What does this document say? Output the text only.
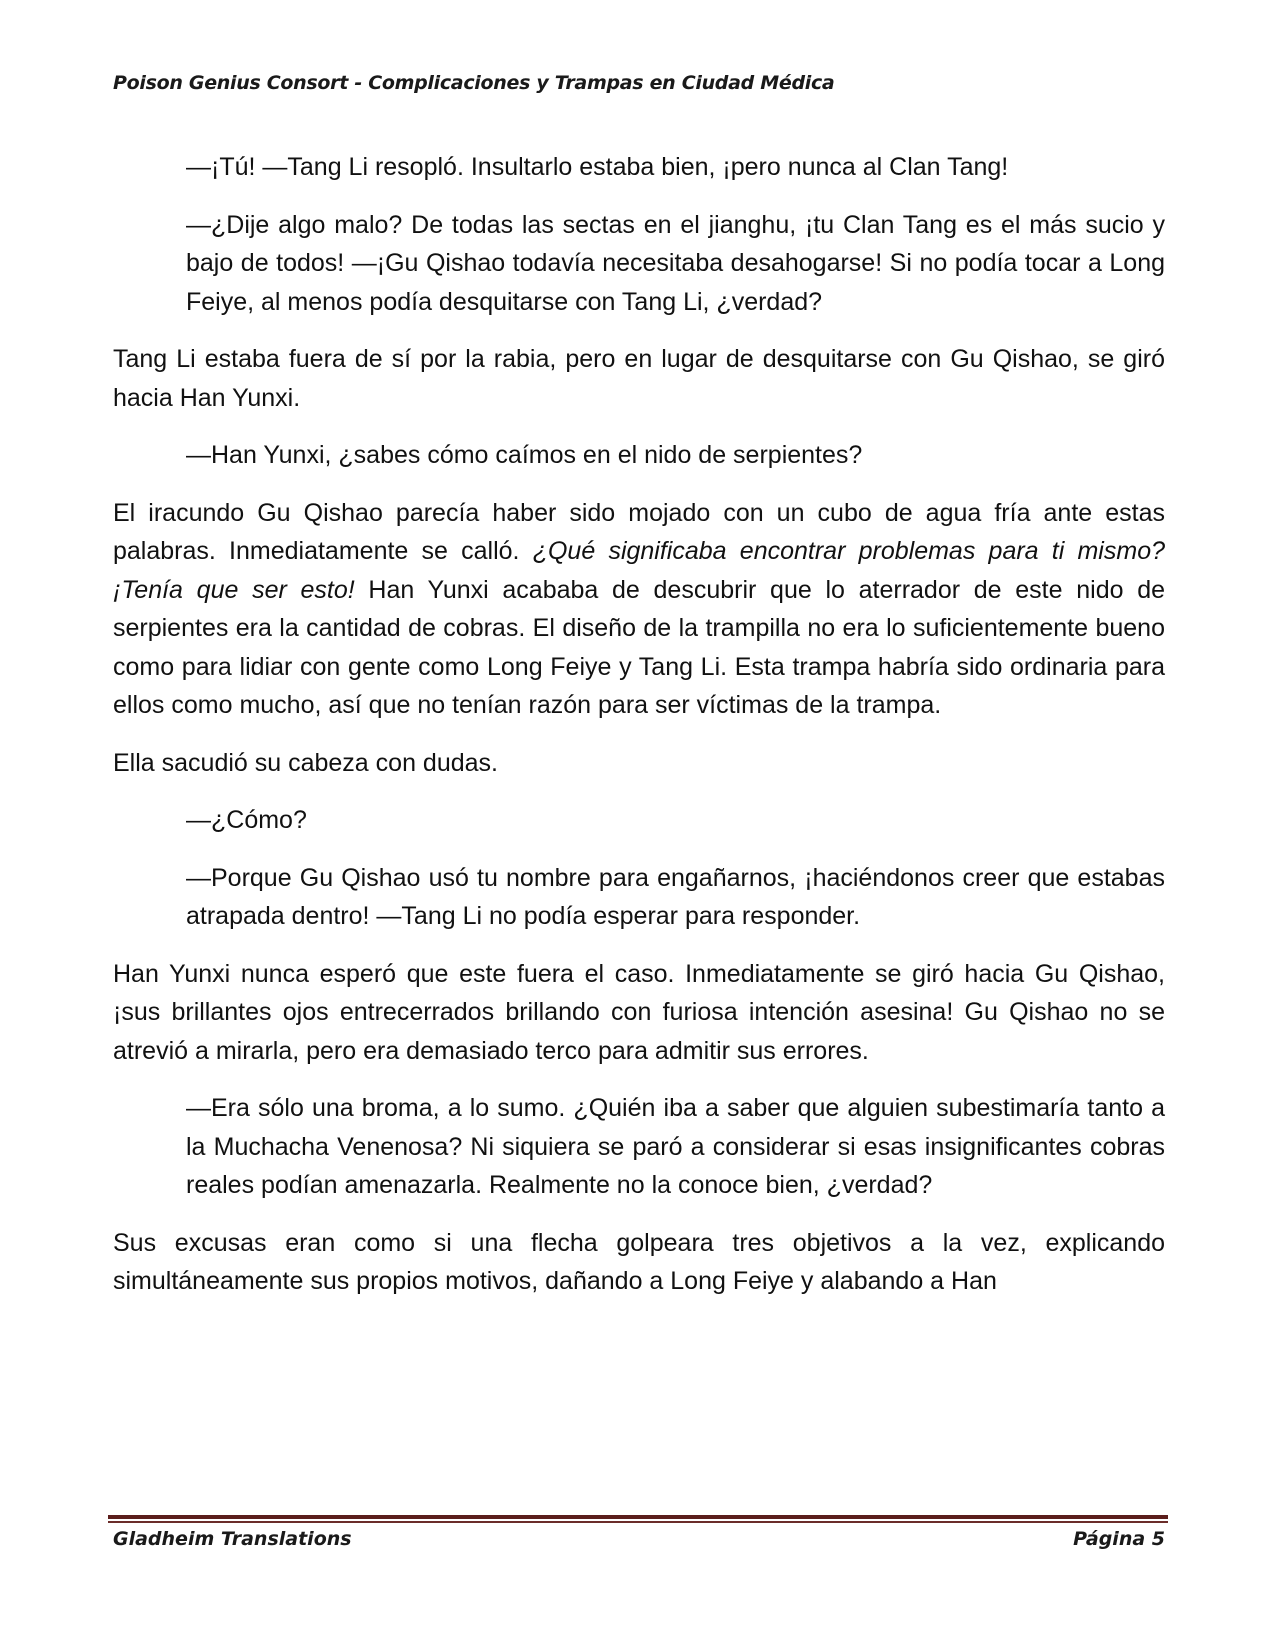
Poison Genius Consort - Complicaciones y Trampas en Ciudad Médica

—¡Tú! —Tang Li resopló. Insultarlo estaba bien, ¡pero nunca al Clan Tang!

—¿Dije algo malo? De todas las sectas en el jianghu, ¡tu Clan Tang es el más sucio y bajo de todos! —¡Gu Qishao todavía necesitaba desahogarse! Si no podía tocar a Long Feiye, al menos podía desquitarse con Tang Li, ¿verdad?

Tang Li estaba fuera de sí por la rabia, pero en lugar de desquitarse con Gu Qishao, se giró hacia Han Yunxi.

—Han Yunxi, ¿sabes cómo caímos en el nido de serpientes?

El iracundo Gu Qishao parecía haber sido mojado con un cubo de agua fría ante estas palabras. Inmediatamente se calló. ¿Qué significaba encontrar problemas para ti mismo? ¡Tenía que ser esto! Han Yunxi acababa de descubrir que lo aterrador de este nido de serpientes era la cantidad de cobras. El diseño de la trampilla no era lo suficientemente bueno como para lidiar con gente como Long Feiye y Tang Li. Esta trampa habría sido ordinaria para ellos como mucho, así que no tenían razón para ser víctimas de la trampa.

Ella sacudió su cabeza con dudas.

—¿Cómo?

—Porque Gu Qishao usó tu nombre para engañarnos, ¡haciéndonos creer que estabas atrapada dentro! —Tang Li no podía esperar para responder.

Han Yunxi nunca esperó que este fuera el caso. Inmediatamente se giró hacia Gu Qishao, ¡sus brillantes ojos entrecerrados brillando con furiosa intención asesina! Gu Qishao no se atrevió a mirarla, pero era demasiado terco para admitir sus errores.

—Era sólo una broma, a lo sumo. ¿Quién iba a saber que alguien subestimaría tanto a la Muchacha Venenosa? Ni siquiera se paró a considerar si esas insignificantes cobras reales podían amenazarla. Realmente no la conoce bien, ¿verdad?

Sus excusas eran como si una flecha golpeara tres objetivos a la vez, explicando simultáneamente sus propios motivos, dañando a Long Feiye y alabando a Han

Gladheim Translations	Página 5
